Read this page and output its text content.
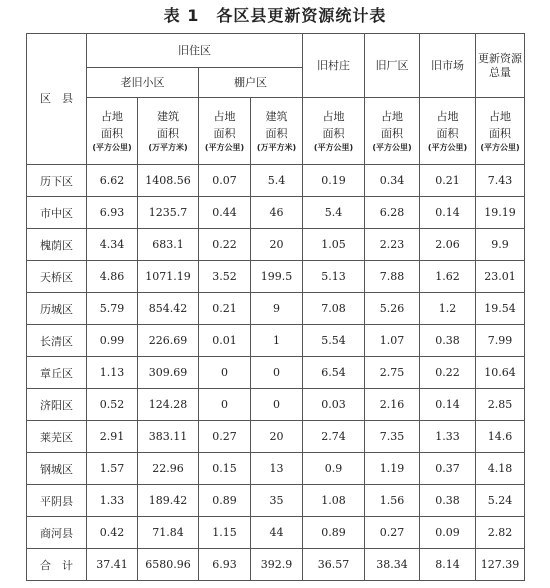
表 1　各区县更新资源统计表
区　县	旧住区				旧村庄	旧厂区	旧市场	更新资源
总量

	老旧小区		棚户区					

	占地
面积
(平方公里)	建筑
面积
(万平方米)	占地
面积
(平方公里)	建筑
面积
(万平方米)	占地
面积
(平方公里)	占地
面积
(平方公里)	占地
面积
(平方公里)	占地
面积
(平方公里)

历下区	6.62	1408.56	0.07	5.4	0.19	0.34	0.21	7.43
市中区	6.93	1235.7	0.44	46	5.4	6.28	0.14	19.19
槐荫区	4.34	683.1	0.22	20	1.05	2.23	2.06	9.9
天桥区	4.86	1071.19	3.52	199.5	5.13	7.88	1.62	23.01
历城区	5.79	854.42	0.21	9	7.08	5.26	1.2	19.54
长清区	0.99	226.69	0.01	1	5.54	1.07	0.38	7.99
章丘区	1.13	309.69	0	0	6.54	2.75	0.22	10.64
济阳区	0.52	124.28	0	0	0.03	2.16	0.14	2.85
莱芜区	2.91	383.11	0.27	20	2.74	7.35	1.33	14.6
钢城区	1.57	22.96	0.15	13	0.9	1.19	0.37	4.18
平阴县	1.33	189.42	0.89	35	1.08	1.56	0.38	5.24
商河县	0.42	71.84	1.15	44	0.89	0.27	0.09	2.82
合　计	37.41	6580.96	6.93	392.9	36.57	38.34	8.14	127.39
